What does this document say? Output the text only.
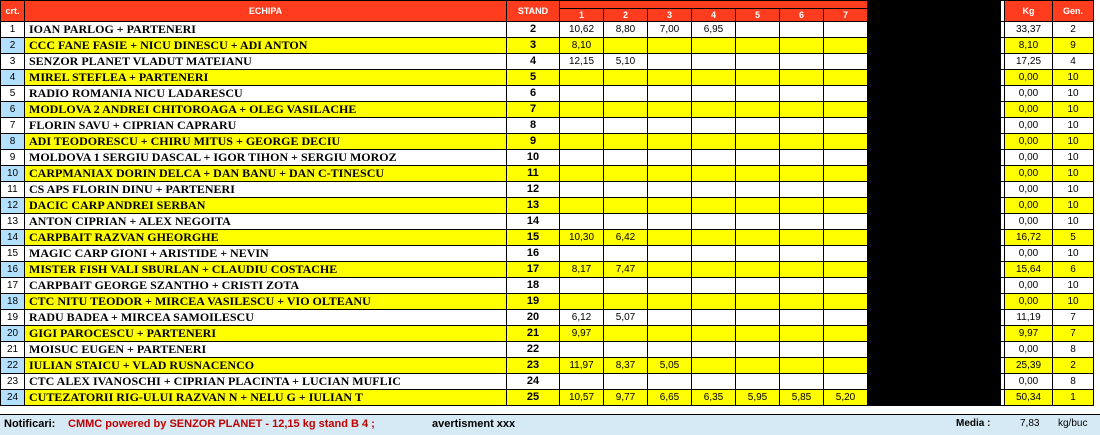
crt.	ECHIPA	STAND										Kg	Gen.
			1	2	3	4	5	6	7				
1	IOAN PARLOG + PARTENERI	2	10,62	8,80	7,00	6,95						33,37	2
2	CCC FANE FASIE + NICU DINESCU + ADI ANTON	3	8,10									8,10	9
3	SENZOR PLANET VLADUT MATEIANU	4	12,15	5,10								17,25	4
4	MIREL STEFLEA + PARTENERI	5										0,00	10
5	RADIO ROMANIA NICU LADARESCU	6										0,00	10
6	MODLOVA 2 ANDREI CHITOROAGA + OLEG VASILACHE	7										0,00	10
7	FLORIN SAVU + CIPRIAN CAPRARU	8										0,00	10
8	ADI TEODORESCU + CHIRU MITUS + GEORGE DECIU	9										0,00	10
9	MOLDOVA 1 SERGIU DASCAL + IGOR TIHON + SERGIU MOROZ	10										0,00	10
10	CARPMANIAX DORIN DELCA + DAN BANU + DAN C-TINESCU	11										0,00	10
11	CS APS FLORIN DINU + PARTENERI	12										0,00	10
12	DACIC CARP ANDREI SERBAN	13										0,00	10
13	ANTON CIPRIAN + ALEX NEGOITA	14										0,00	10
14	CARPBAIT RAZVAN GHEORGHE	15	10,30	6,42								16,72	5
15	MAGIC CARP GIONI + ARISTIDE + NEVIN	16										0,00	10
16	MISTER FISH VALI SBURLAN + CLAUDIU COSTACHE	17	8,17	7,47								15,64	6
17	CARPBAIT GEORGE SZANTHO + CRISTI ZOTA	18										0,00	10
18	CTC NITU TEODOR + MIRCEA VASILESCU + VIO OLTEANU	19										0,00	10
19	RADU BADEA + MIRCEA SAMOILESCU	20	6,12	5,07								11,19	7
20	GIGI PAROCESCU + PARTENERI	21	9,97									9,97	7
21	MOISUC EUGEN + PARTENERI	22										0,00	8
22	IULIAN STAICU + VLAD RUSNACENCO	23	11,97	8,37	5,05							25,39	2
23	CTC ALEX IVANOSCHI + CIPRIAN PLACINTA + LUCIAN MUFLIC	24										0,00	8
24	CUTEZATORII RIG-ULUI RAZVAN N + NELU G + IULIAN T	25	10,57	9,77	6,65	6,35	5,95	5,85	5,20			50,34	1
Notificari: CMMC powered by SENZOR PLANET - 12,15 kg stand B 4 ;	avertisment xxx	Media :	7,83 kg/buc
